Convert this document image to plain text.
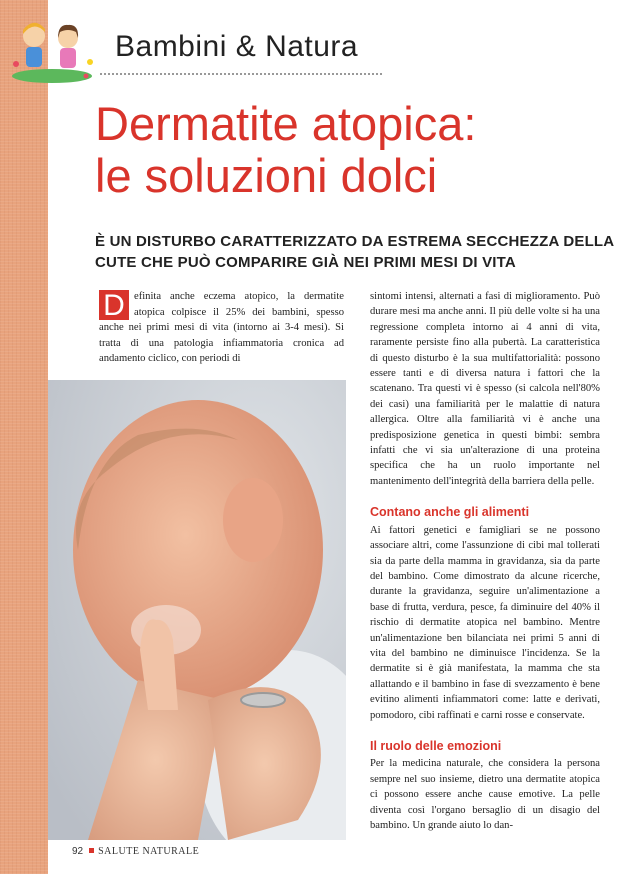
Bambini & Natura
Dermatite atopica:
le soluzioni dolci
È UN DISTURBO CARATTERIZZATO DA ESTREMA SECCHEZZA DELLA CUTE CHE PUÒ COMPARIRE GIÀ NEI PRIMI MESI DI VITA
D efinita anche eczema atopico, la dermatite atopica colpisce il 25% dei bambini, spesso anche nei primi mesi di vita (intorno ai 3-4 mesi). Si tratta di una patologia infiammatoria cronica ad andamento ciclico, con periodi di

sintomi intensi, alternati a fasi di miglioramento. Può durare mesi ma anche anni. Il più delle volte si ha una regressione completa intorno ai 4 anni di vita, raramente persiste fino alla pubertà. La caratteristica di questo disturbo è la sua multifattorialità: possono essere tanti e di diversa natura i fattori che la scatenano. Tra questi vi è spesso (si calcola nell'80% dei casi) una familiarità per le malattie di natura allergica. Oltre alla familiarità vi è anche una predisposizione genetica in questi bimbi: sembra infatti che vi sia un'alterazione di una proteina specifica che ha un ruolo importante nel mantenimento dell'integrità della barriera della pelle.

Contano anche gli alimenti

Ai fattori genetici e famigliari se ne possono associare altri, come l'assunzione di cibi mal tollerati sia da parte della mamma in gravidanza, sia da parte del bambino. Come dimostrato da alcune ricerche, durante la gravidanza, seguire un'alimentazione a base di frutta, verdura, pesce, fa diminuire del 40% il rischio di dermatite atopica nel bambino. Mentre un'alimentazione ben bilanciata nei primi 5 anni di vita del bambino ne diminuisce l'incidenza. Se la dermatite si è già manifestata, la mamma che sta allattando e il bambino in fase di svezzamento è bene evitino alimenti infiammatori come: latte e derivati, pomodoro, cibi raffinati e carni rosse e conservate.

Il ruolo delle emozioni

Per la medicina naturale, che considera la persona sempre nel suo insieme, dietro una dermatite atopica ci possono essere anche cause emotive. La pelle diventa così l'organo bersaglio di un disagio del bambino. Un grande aiuto lo dan-

92 SALUTE NATURALE
